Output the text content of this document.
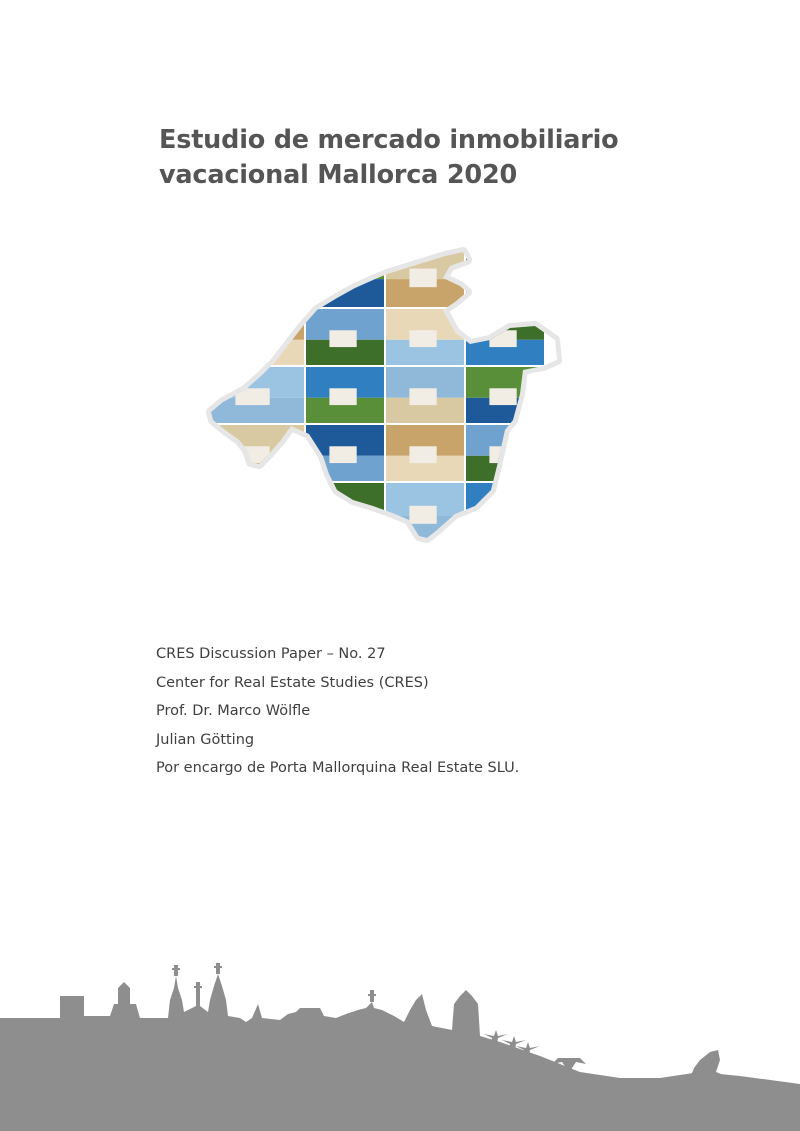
Estudio de mercado inmobiliario
vacacional Mallorca 2020
CRES Discussion Paper – No. 27
Center for Real Estate Studies (CRES)
Prof. Dr. Marco Wölfle
Julian Götting
Por encargo de Porta Mallorquina Real Estate SLU.
